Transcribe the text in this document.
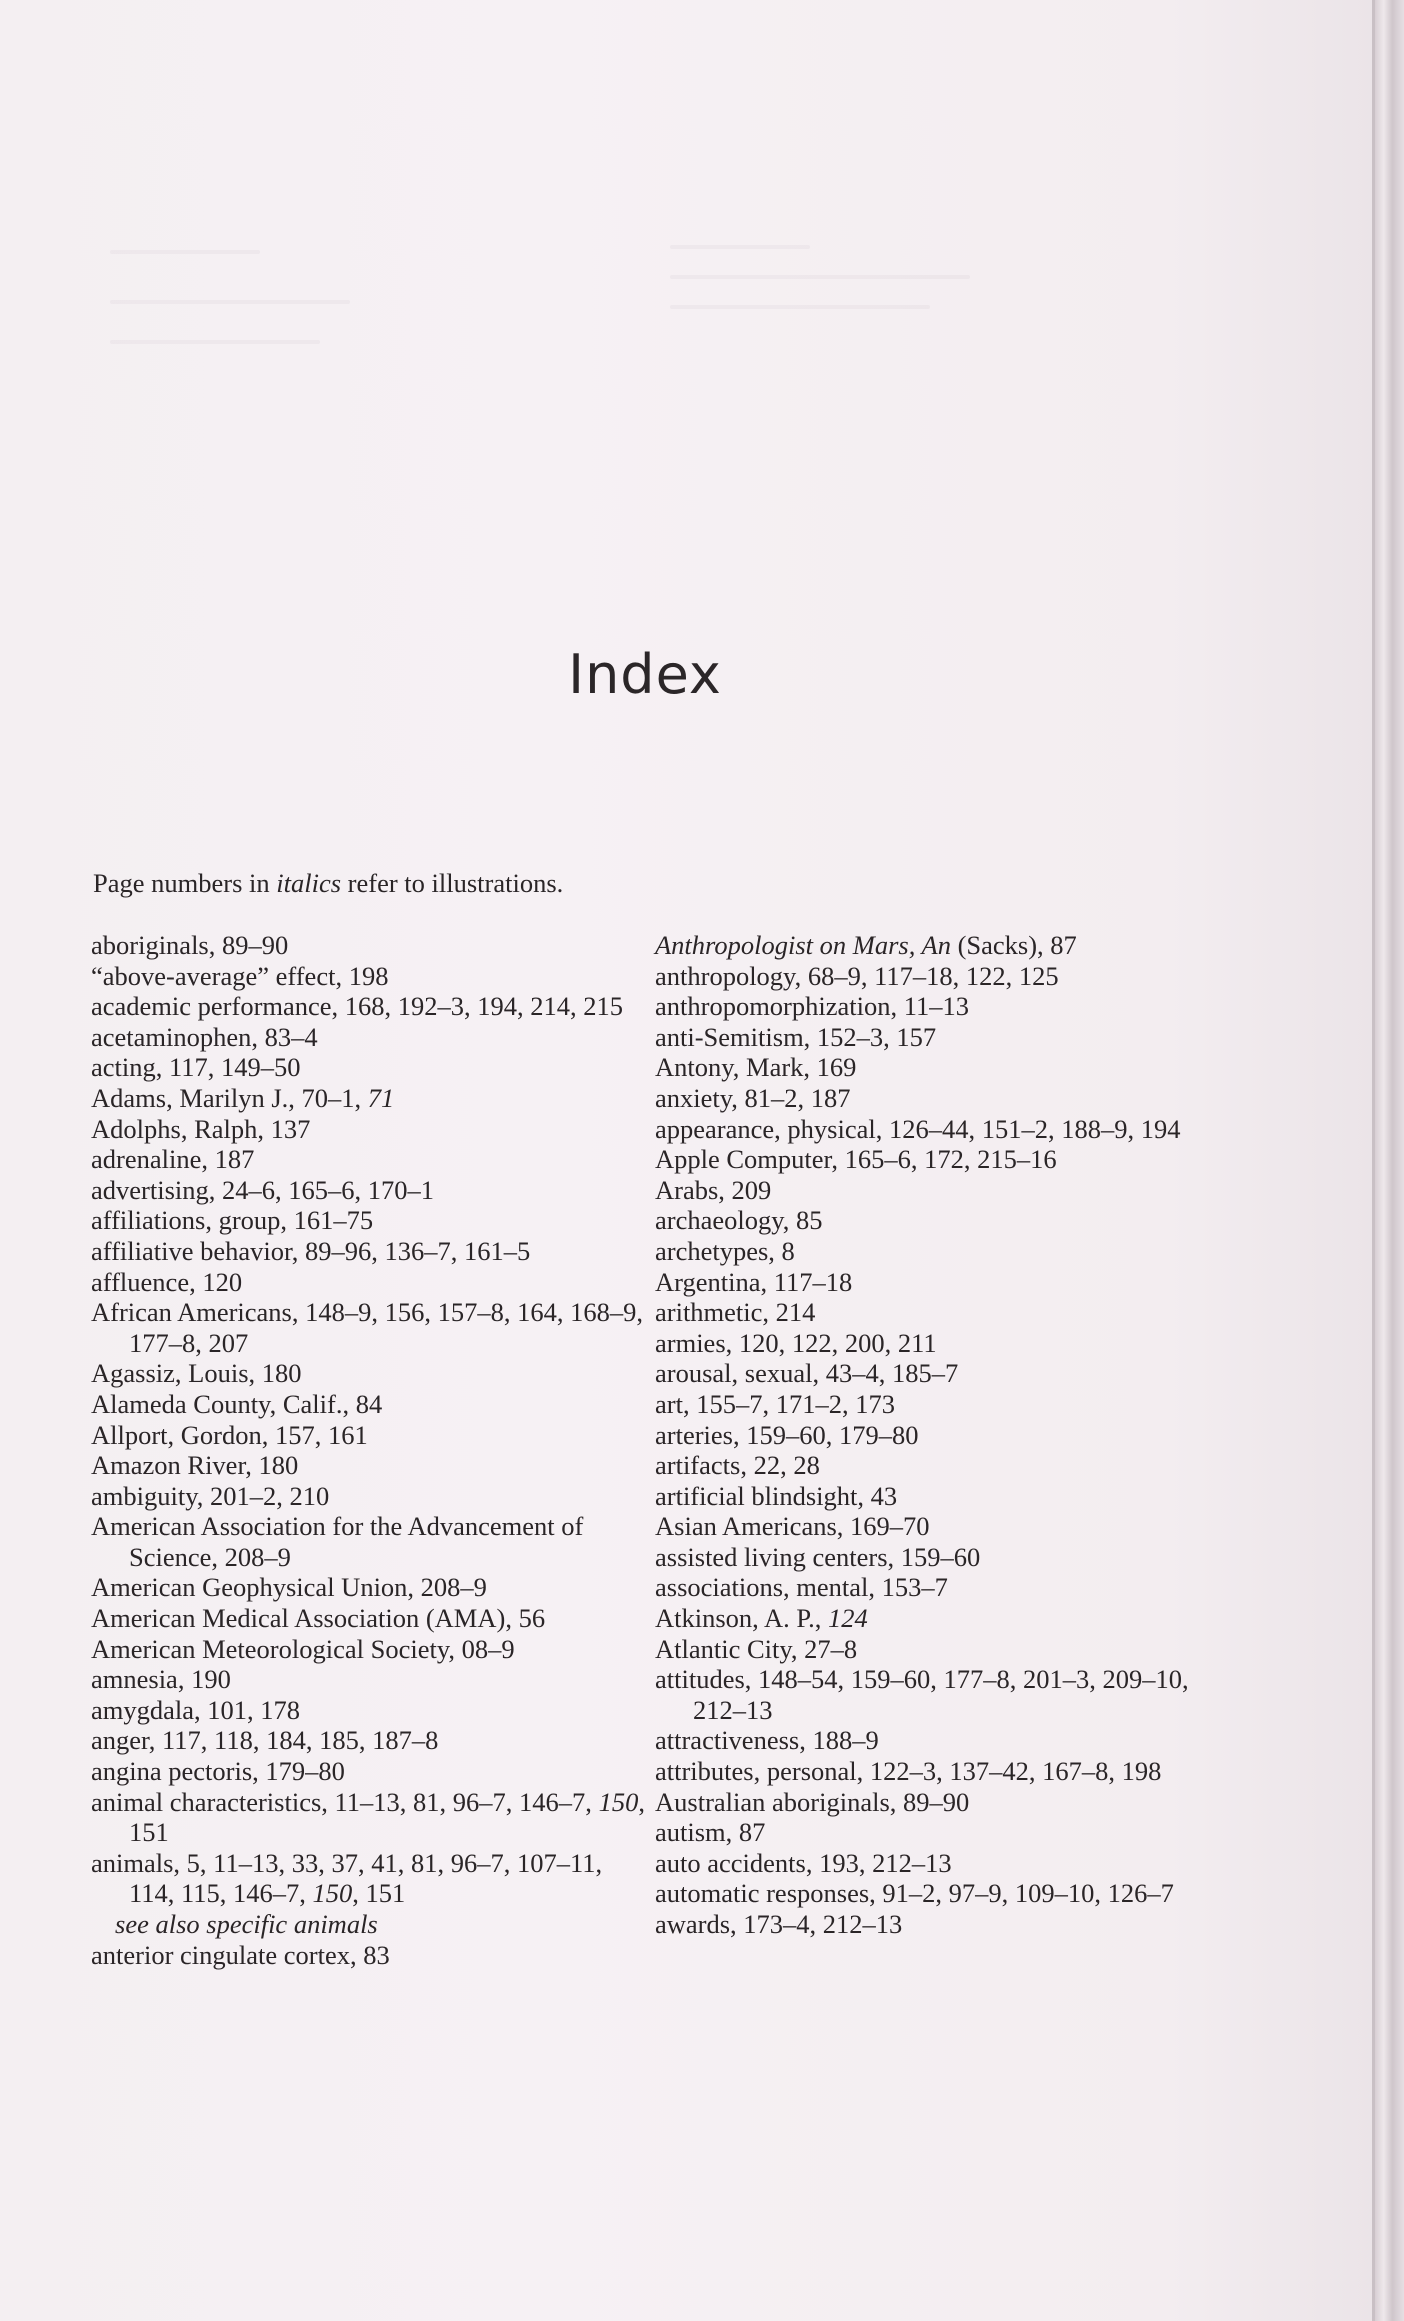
Index
Page numbers in italics refer to illustrations.

aboriginals, 89–90

“above-average” effect, 198

academic performance, 168, 192–3, 194, 214, 215

acetaminophen, 83–4

acting, 117, 149–50

Adams, Marilyn J., 70–1, 71

Adolphs, Ralph, 137

adrenaline, 187

advertising, 24–6, 165–6, 170–1

affiliations, group, 161–75

affiliative behavior, 89–96, 136–7, 161–5

affluence, 120

African Americans, 148–9, 156, 157–8, 164, 168–9, 177–8, 207

Agassiz, Louis, 180

Alameda County, Calif., 84

Allport, Gordon, 157, 161

Amazon River, 180

ambiguity, 201–2, 210

American Association for the Advancement of Science, 208–9

American Geophysical Union, 208–9

American Medical Association (AMA), 56

American Meteorological Society, 08–9

amnesia, 190

amygdala, 101, 178

anger, 117, 118, 184, 185, 187–8

angina pectoris, 179–80

animal characteristics, 11–13, 81, 96–7, 146–7, 150, 151

animals, 5, 11–13, 33, 37, 41, 81, 96–7, 107–11, 114, 115, 146–7, 150, 151

see also specific animals

anterior cingulate cortex, 83

Anthropologist on Mars, An (Sacks), 87

anthropology, 68–9, 117–18, 122, 125

anthropomorphization, 11–13

anti-Semitism, 152–3, 157

Antony, Mark, 169

anxiety, 81–2, 187

appearance, physical, 126–44, 151–2, 188–9, 194

Apple Computer, 165–6, 172, 215–16

Arabs, 209

archaeology, 85

archetypes, 8

Argentina, 117–18

arithmetic, 214

armies, 120, 122, 200, 211

arousal, sexual, 43–4, 185–7

art, 155–7, 171–2, 173

arteries, 159–60, 179–80

artifacts, 22, 28

artificial blindsight, 43

Asian Americans, 169–70

assisted living centers, 159–60

associations, mental, 153–7

Atkinson, A. P., 124

Atlantic City, 27–8

attitudes, 148–54, 159–60, 177–8, 201–3, 209–10, 212–13

attractiveness, 188–9

attributes, personal, 122–3, 137–42, 167–8, 198

Australian aboriginals, 89–90

autism, 87

auto accidents, 193, 212–13

automatic responses, 91–2, 97–9, 109–10, 126–7

awards, 173–4, 212–13
